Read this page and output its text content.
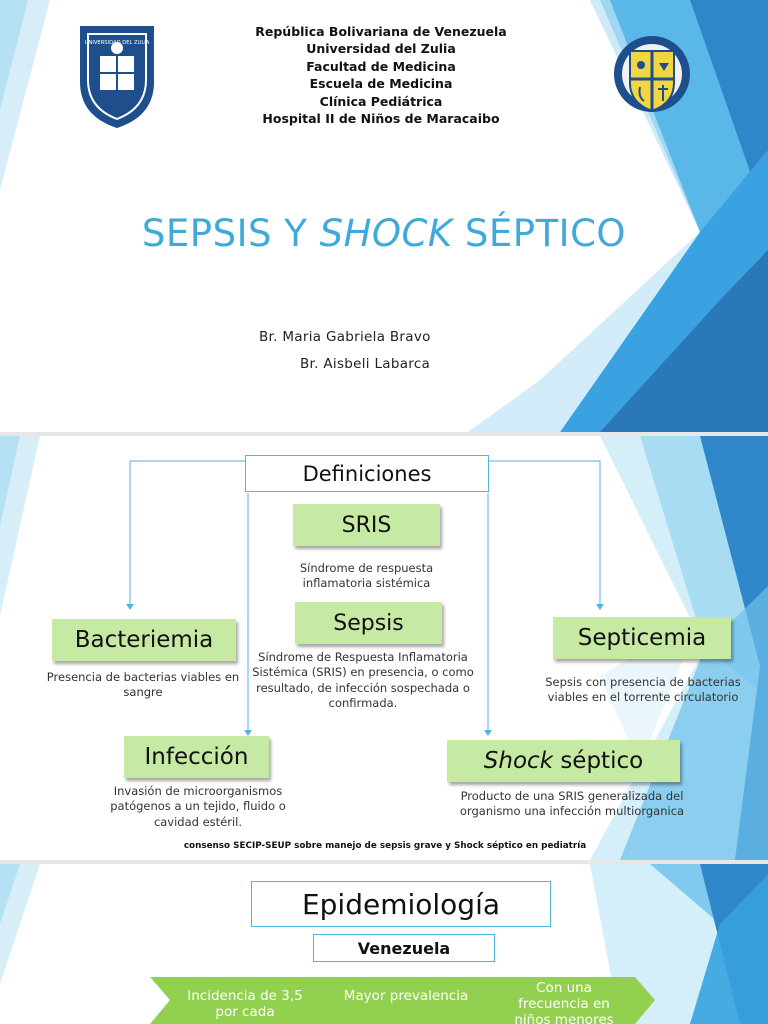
UNIVERSIDAD DEL ZULIA
República Bolivariana de Venezuela
Universidad del Zulia
Facultad de Medicina
Escuela de Medicina
Clínica Pediátrica
Hospital II de Niños de Maracaibo
SEPSIS Y SHOCK SÉPTICO
Br. Maria Gabriela Bravo
Br. Aisbeli Labarca
Definiciones
SRIS
Síndrome de respuesta inflamatoria sistémica
Sepsis
Síndrome de Respuesta Inflamatoria Sistémica (SRIS) en presencia, o como resultado, de infección sospechada o confirmada.
Bacteriemia
Presencia de bacterias viables en sangre
Septicemia
Sepsis con presencia de bacterias viables en el torrente circulatorio
Infección
Invasión de microorganismos patógenos a un tejido, fluido o cavidad estéril.
Shock séptico
Producto de una SRIS generalizada del organismo una infección multiorganica
consenso SECIP-SEUP sobre manejo de sepsis grave y Shock séptico en pediatría
Epidemiología
Venezuela
Incidencia de 3,5 por cada
Mayor prevalencia	Con una frecuencia en niños menores
